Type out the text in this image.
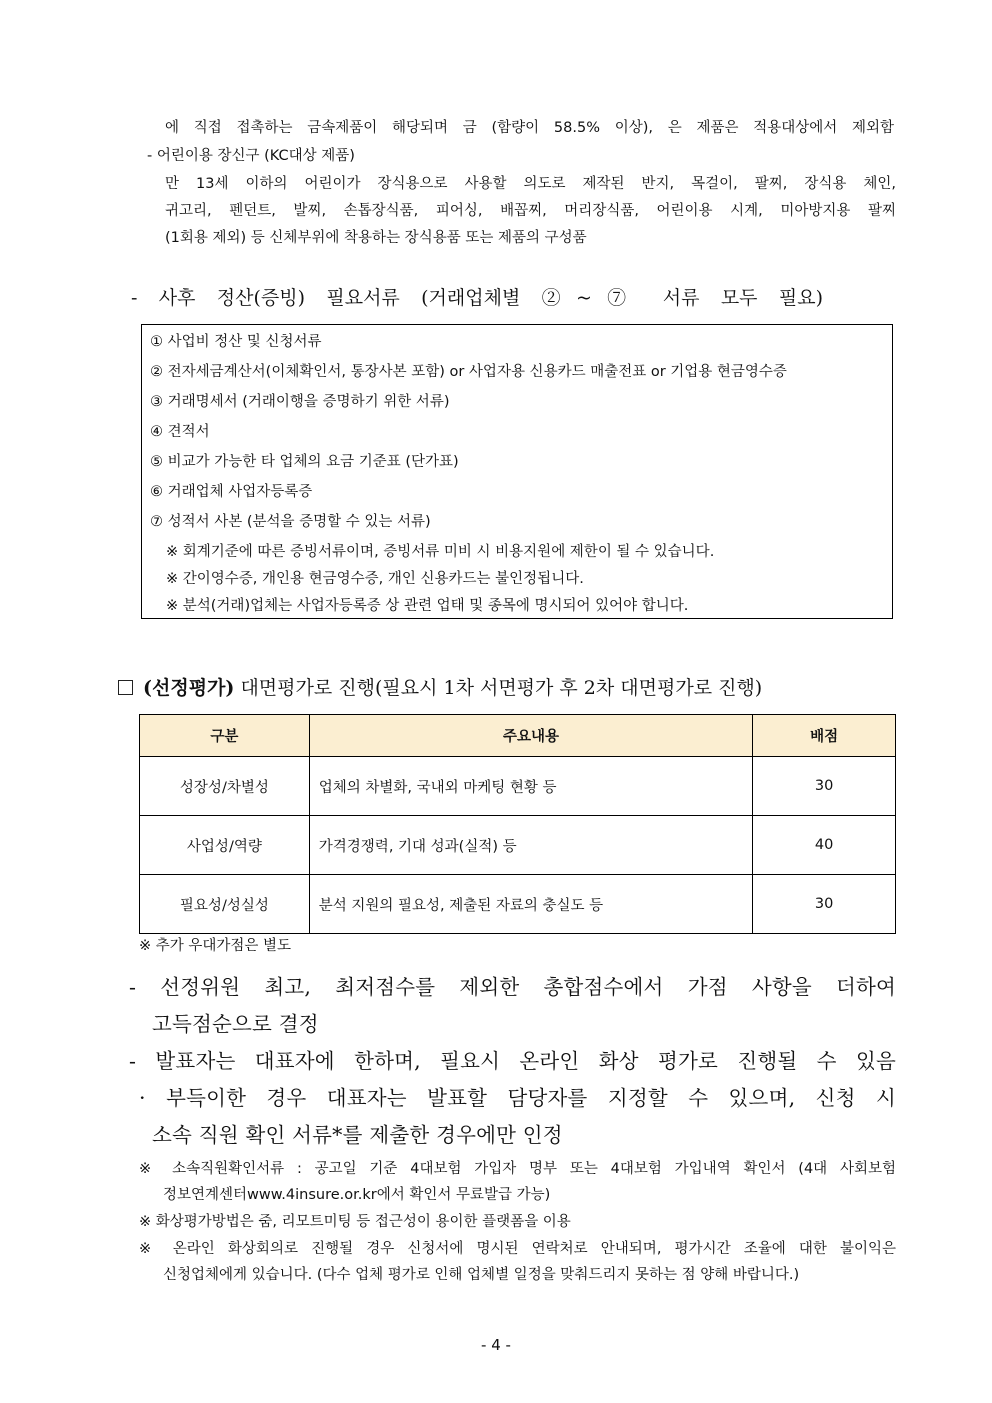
에 직접 접촉하는 금속제품이 해당되며 금 (함량이 58.5% 이상), 은 제품은 적용대상에서 제외함
- 어린이용 장신구 (KC대상 제품)
만 13세 이하의 어린이가 장식용으로 사용할 의도로 제작된 반지, 목걸이, 팔찌, 장식용 체인,
귀고리, 펜던트, 발찌, 손톱장식품, 피어싱, 배꼽찌, 머리장식품, 어린이용 시계, 미아방지용 팔찌
(1회용 제외) 등 신체부위에 착용하는 장식용품 또는 제품의 구성품
- 사후 정산(증빙) 필요서류 (거래업체별 ②~⑦ 서류 모두 필요)
① 사업비 정산 및 신청서류
② 전자세금계산서(이체확인서, 통장사본 포함) or 사업자용 신용카드 매출전표 or 기업용 현금영수증
③ 거래명세서 (거래이행을 증명하기 위한 서류)
④ 견적서
⑤ 비교가 가능한 타 업체의 요금 기준표 (단가표)
⑥ 거래업체 사업자등록증
⑦ 성적서 사본 (분석을 증명할 수 있는 서류)
※ 회계기준에 따른 증빙서류이며, 증빙서류 미비 시 비용지원에 제한이 될 수 있습니다.
※ 간이영수증, 개인용 현금영수증, 개인 신용카드는 불인정됩니다.
※ 분석(거래)업체는 사업자등록증 상 관련 업태 및 종목에 명시되어 있어야 합니다.
(선정평가) 대면평가로 진행(필요시 1차 서면평가 후 2차 대면평가로 진행)
구분	주요내용	배점
성장성/차별성	업체의 차별화, 국내외 마케팅 현황 등	30
사업성/역량	가격경쟁력, 기대 성과(실적) 등	40
필요성/성실성	분석 지원의 필요성, 제출된 자료의 충실도 등	30
※ 추가 우대가점은 별도
- 선정위원 최고, 최저점수를 제외한 총합점수에서 가점 사항을 더하여
고득점순으로 결정
- 발표자는 대표자에 한하며, 필요시 온라인 화상 평가로 진행될 수 있음
· 부득이한 경우 대표자는 발표할 담당자를 지정할 수 있으며, 신청 시
소속 직원 확인 서류*를 제출한 경우에만 인정
※ 소속직원확인서류 : 공고일 기준 4대보험 가입자 명부 또는 4대보험 가입내역 확인서 (4대 사회보험
정보연계센터www.4insure.or.kr에서 확인서 무료발급 가능)
※ 화상평가방법은 줌, 리모트미팅 등 접근성이 용이한 플랫폼을 이용
※ 온라인 화상회의로 진행될 경우 신청서에 명시된 연락처로 안내되며, 평가시간 조율에 대한 불이익은
신청업체에게 있습니다. (다수 업체 평가로 인해 업체별 일정을 맞춰드리지 못하는 점 양해 바랍니다.)
- 4 -
